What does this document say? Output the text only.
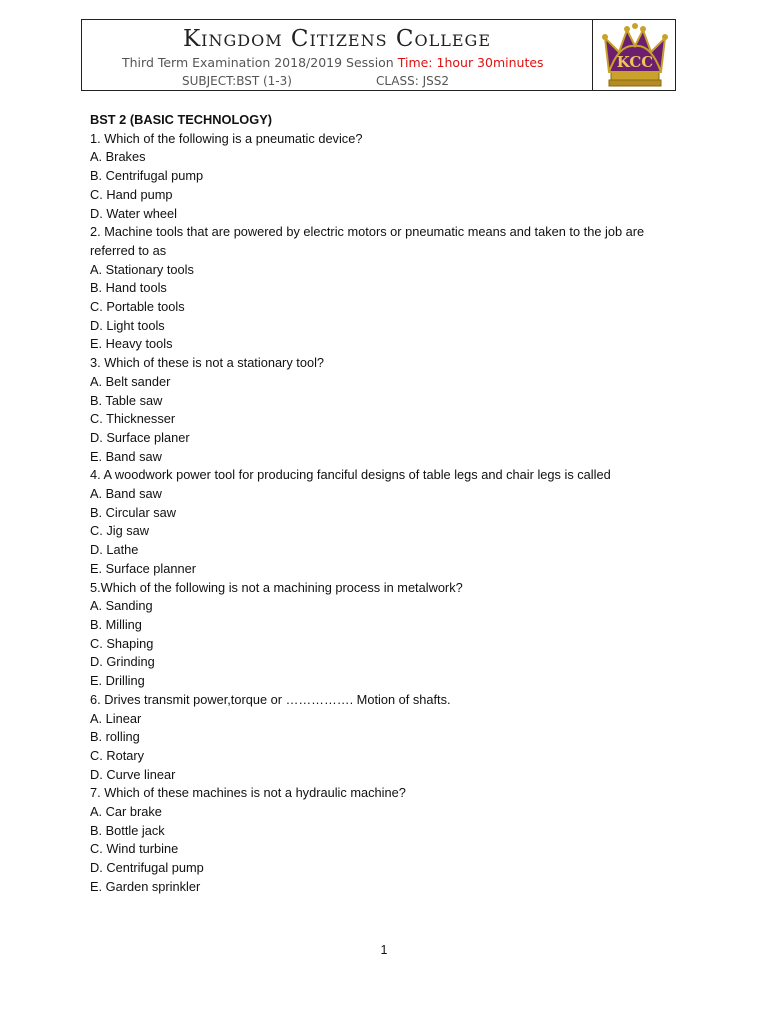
Kingdom Citizens College
Third Term Examination 2018/2019 Session Time: 1hour 30minutes
SUBJECT:BST (1-3)	CLASS: JSS2
KCC
BST 2 (BASIC TECHNOLOGY)
1. Which of the following is a pneumatic device?
A. Brakes
B. Centrifugal pump
C. Hand pump
D. Water wheel
2. Machine tools that are powered by electric motors or pneumatic means and taken to the job are
referred to as
A. Stationary tools
B. Hand tools
C. Portable tools
D. Light tools
E. Heavy tools
3. Which of these is not a stationary tool?
A. Belt sander
B. Table saw
C. Thicknesser
D. Surface planer
E. Band saw
4. A woodwork power tool for producing fanciful designs of table legs and chair legs is called
A. Band saw
B. Circular saw
C. Jig saw
D. Lathe
E. Surface planner
5.Which of the following is not a machining process in metalwork?
A. Sanding
B. Milling
C. Shaping
D. Grinding
E. Drilling
6. Drives transmit power,torque or ……………. Motion of shafts.
A. Linear
B. rolling
C. Rotary
D. Curve linear
7. Which of these machines is not a hydraulic machine?
A. Car brake
B. Bottle jack
C. Wind turbine
D. Centrifugal pump
E. Garden sprinkler
1
